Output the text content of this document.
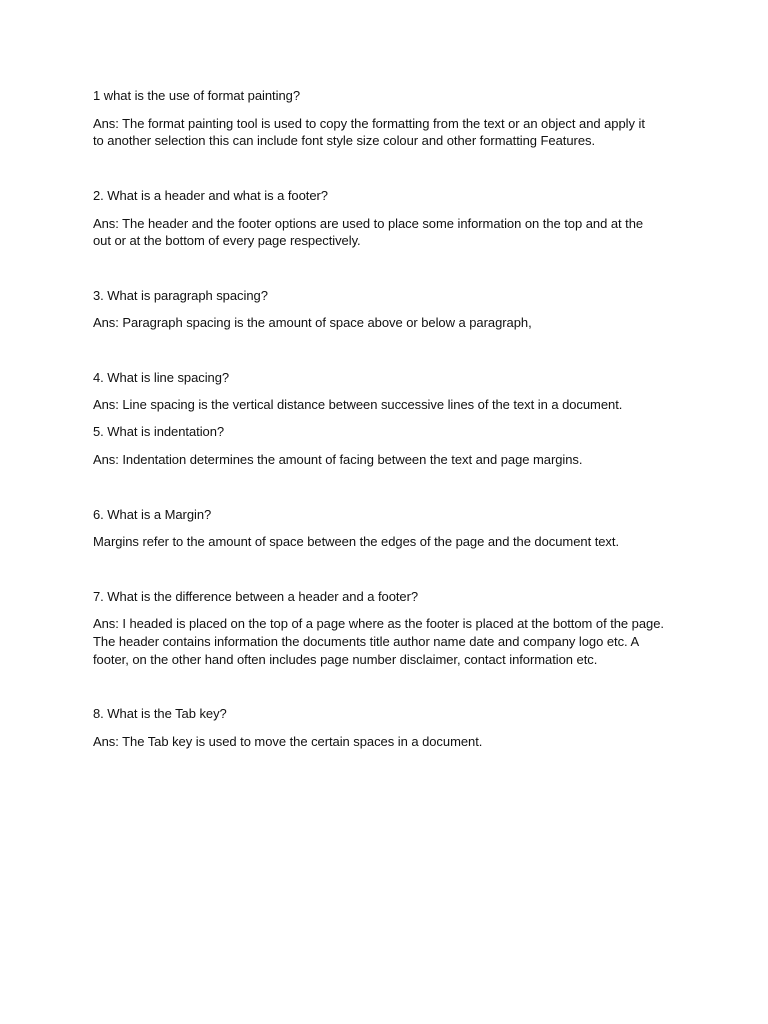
1 what is the use of format painting?
Ans: The format painting tool is used to copy the formatting from the text or an object and apply it
to another selection this can include font style size colour and other formatting Features.
2. What is a header and what is a footer?
Ans: The header and the footer options are used to place some information on the top and at the
out or at the bottom of every page respectively.
3. What is paragraph spacing?
Ans: Paragraph spacing is the amount of space above or below a paragraph,
4. What is line spacing?
Ans: Line spacing is the vertical distance between successive lines of the text in a document.
5. What is indentation?
Ans: Indentation determines the amount of facing between the text and page margins.
6. What is a Margin?
Margins refer to the amount of space between the edges of the page and the document text.
7. What is the difference between a header and a footer?
Ans: I headed is placed on the top of a page where as the footer is placed at the bottom of the page.
The header contains information the documents title author name date and company logo etc. A
footer, on the other hand often includes page number disclaimer, contact information etc.
8. What is the Tab key?
Ans: The Tab key is used to move the certain spaces in a document.
